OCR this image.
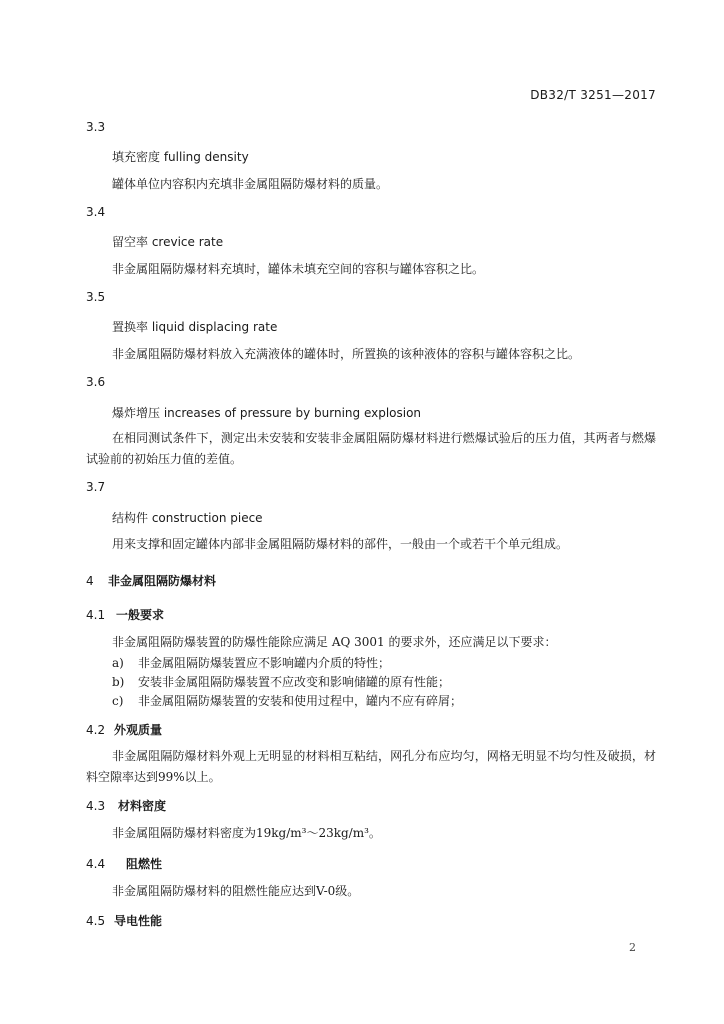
DB32/T 3251—2017
3.3
填充密度 fulling density
罐体单位内容积内充填非金属阻隔防爆材料的质量。
3.4
留空率 crevice rate
非金属阻隔防爆材料充填时，罐体未填充空间的容积与罐体容积之比。
3.5
置换率 liquid displacing rate
非金属阻隔防爆材料放入充满液体的罐体时，所置换的该种液体的容积与罐体容积之比。
3.6
爆炸增压 increases of pressure by burning explosion
在相同测试条件下，测定出未安装和安装非金属阻隔防爆材料进行燃爆试验后的压力值，其两者与燃爆试验前的初始压力值的差值。
3.7
结构件 construction piece
用来支撑和固定罐体内部非金属阻隔防爆材料的部件，一般由一个或若干个单元组成。
4 非金属阻隔防爆材料
4.1 一般要求
非金属阻隔防爆装置的防爆性能除应满足 AQ 3001 的要求外，还应满足以下要求：
a) 非金属阻隔防爆装置应不影响罐内介质的特性；
b) 安装非金属阻隔防爆装置不应改变和影响储罐的原有性能；
c) 非金属阻隔防爆装置的安装和使用过程中，罐内不应有碎屑；
4.2 外观质量
非金属阻隔防爆材料外观上无明显的材料相互粘结，网孔分布应均匀，网格无明显不均匀性及破损，材料空隙率达到99%以上。
4.3 材料密度
非金属阻隔防爆材料密度为19kg/m³～23kg/m³。
4.4 阻燃性
非金属阻隔防爆材料的阻燃性能应达到V-0级。
4.5 导电性能
2
